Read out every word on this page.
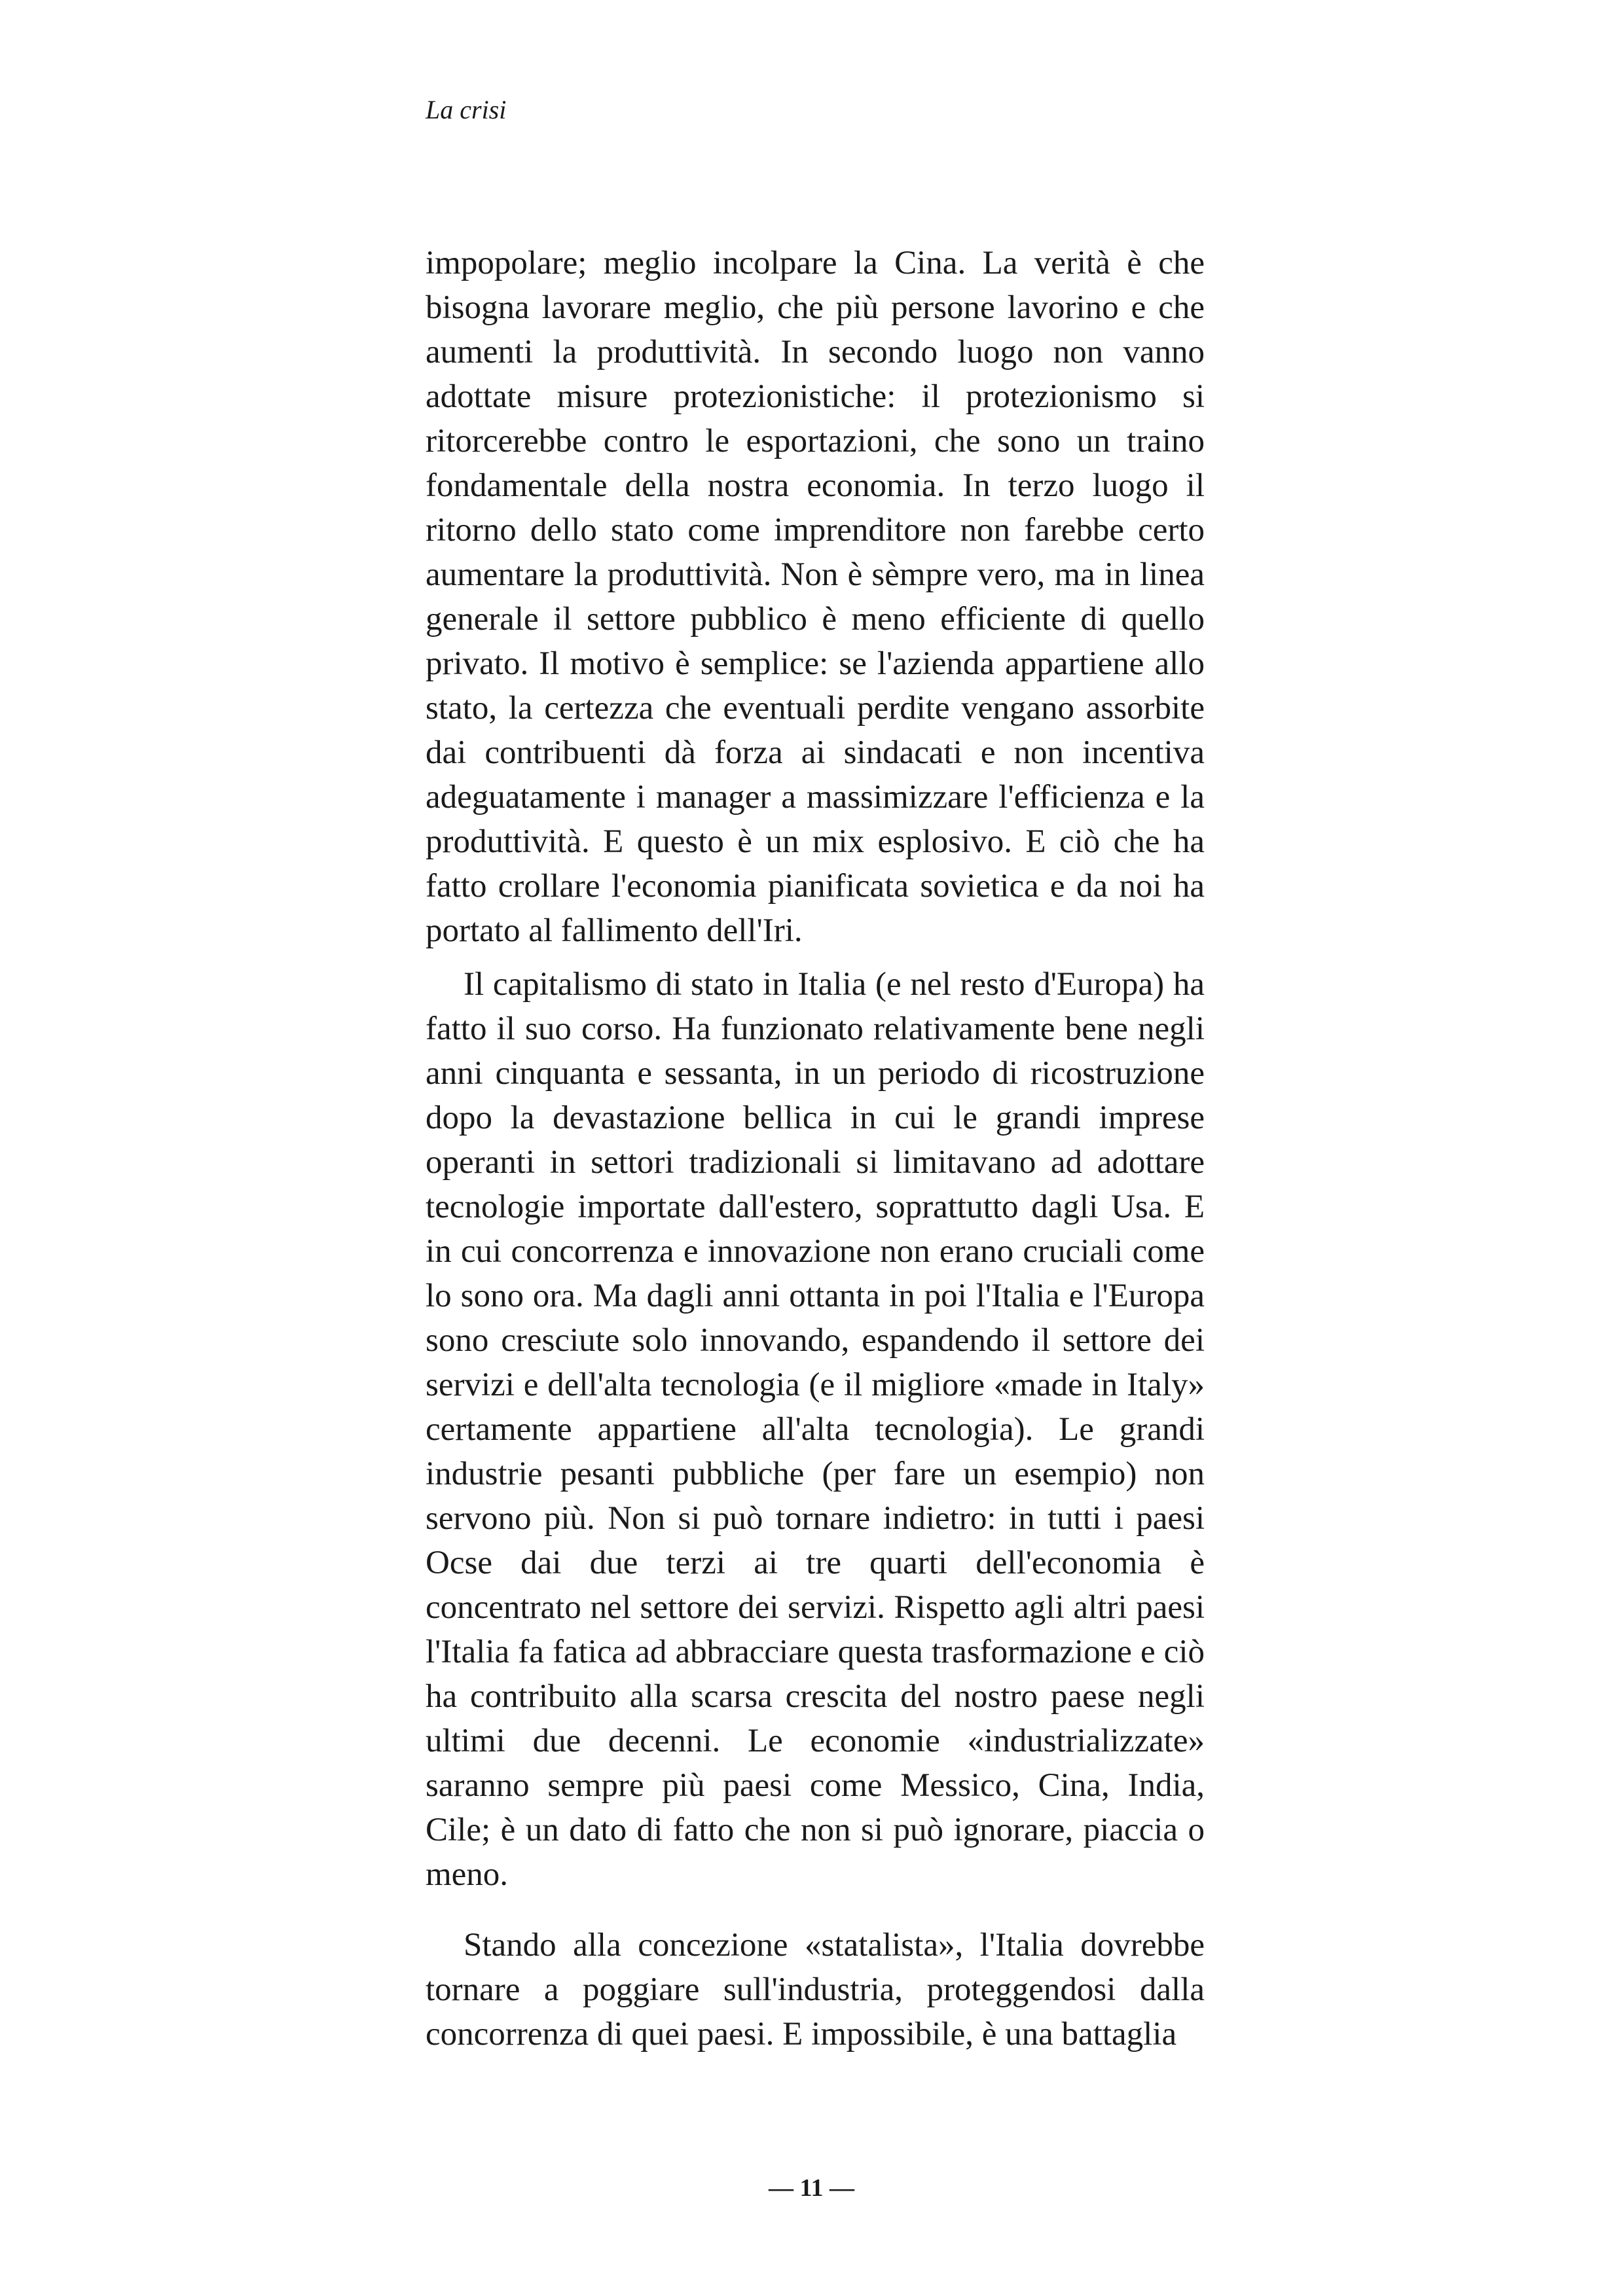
La crisi

impopolare; meglio incolpare la Cina. La verità è che bisogna lavorare meglio, che più persone lavorino e che aumenti la produttività. In secondo luogo non vanno adottate misure protezionistiche: il protezionismo si ritorcerebbe contro le esportazioni, che sono un traino fondamentale della nostra economia. In terzo luogo il ritorno dello stato come imprenditore non farebbe certo aumentare la produttività. Non è sèmpre vero, ma in linea generale il settore pubblico è meno efficiente di quello privato. Il motivo è semplice: se l'azienda appartiene allo stato, la certezza che eventuali perdite vengano assorbite dai contribuenti dà forza ai sindacati e non incentiva adeguatamente i manager a massimizzare l'efficienza e la produttività. E questo è un mix esplosivo. E ciò che ha fatto crollare l'economia pianificata sovietica e da noi ha portato al fallimento dell'Iri.

Il capitalismo di stato in Italia (e nel resto d'Europa) ha fatto il suo corso. Ha funzionato relativamente bene negli anni cinquanta e sessanta, in un periodo di ricostruzione dopo la devastazione bellica in cui le grandi imprese operanti in settori tradizionali si limitavano ad adottare tecnologie importate dall'estero, soprattutto dagli Usa. E in cui concorrenza e innovazione non erano cruciali come lo sono ora. Ma dagli anni ottanta in poi l'Italia e l'Europa sono cresciute solo innovando, espandendo il settore dei servizi e dell'alta tecnologia (e il migliore «made in Italy» certamente appartiene all'alta tecnologia). Le grandi industrie pesanti pubbliche (per fare un esempio) non servono più. Non si può tornare indietro: in tutti i paesi Ocse dai due terzi ai tre quarti dell'economia è concentrato nel settore dei servizi. Rispetto agli altri paesi l'Italia fa fatica ad abbracciare questa trasformazione e ciò ha contribuito alla scarsa crescita del nostro paese negli ultimi due decenni. Le economie «industrializzate» saranno sempre più paesi come Messico, Cina, India, Cile; è un dato di fatto che non si può ignorare, piaccia o meno.

Stando alla concezione «statalista», l'Italia dovrebbe tornare a poggiare sull'industria, proteggendosi dalla concorrenza di quei paesi. E impossibile, è una battaglia

— 11 —
